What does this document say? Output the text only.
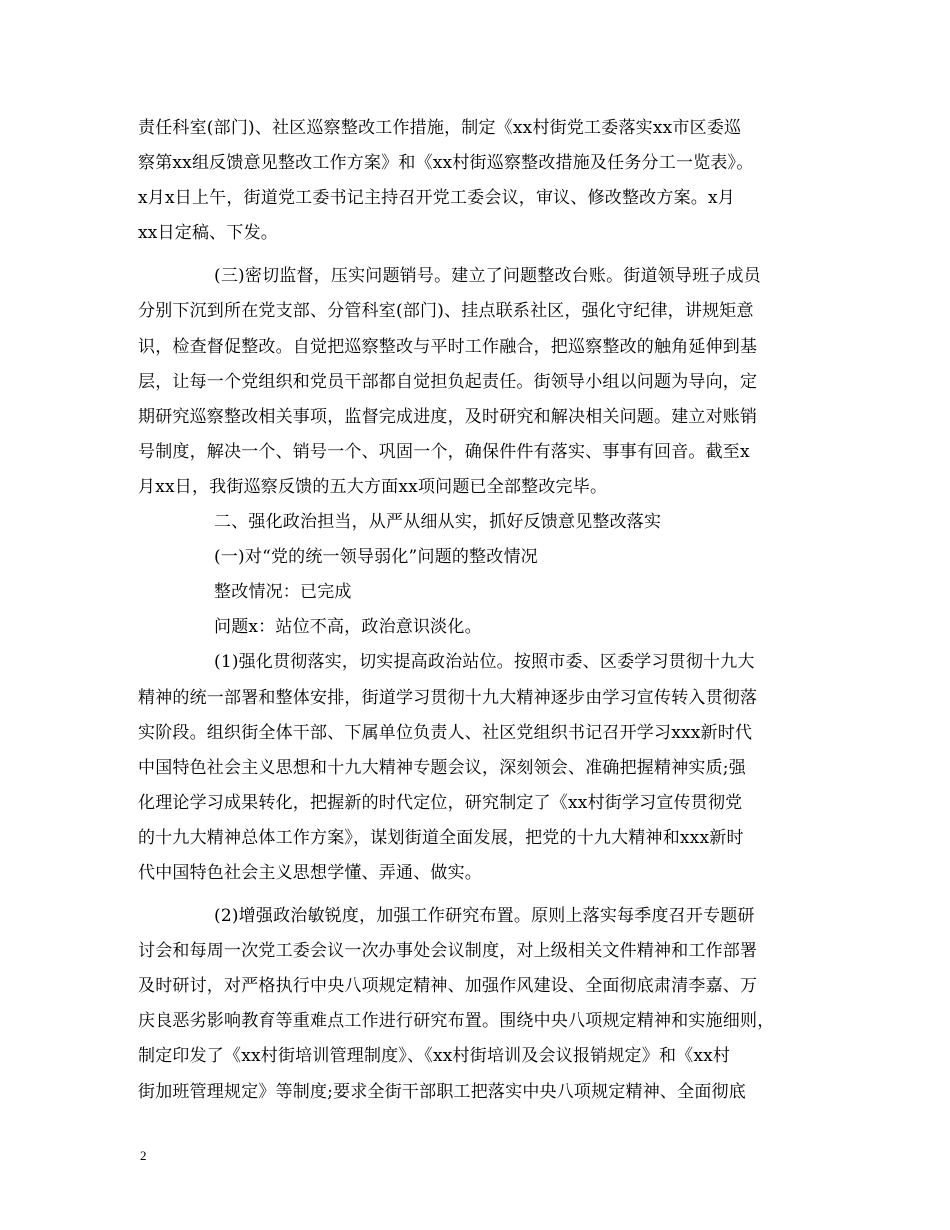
责任科室(部门)、社区巡察整改工作措施，制定《xx村街党工委落实xx市区委巡
察第xx组反馈意见整改工作方案》和《xx村街巡察整改措施及任务分工一览表》。
x月x日上午，街道党工委书记主持召开党工委会议，审议、修改整改方案。x月
xx日定稿、下发。
(三)密切监督，压实问题销号。建立了问题整改台账。街道领导班子成员
分别下沉到所在党支部、分管科室(部门)、挂点联系社区，强化守纪律，讲规矩意
识，检查督促整改。自觉把巡察整改与平时工作融合，把巡察整改的触角延伸到基
层，让每一个党组织和党员干部都自觉担负起责任。街领导小组以问题为导向，定
期研究巡察整改相关事项，监督完成进度，及时研究和解决相关问题。建立对账销
号制度，解决一个、销号一个、巩固一个，确保件件有落实、事事有回音。截至x
月xx日，我街巡察反馈的五大方面xx项问题已全部整改完毕。
二、强化政治担当，从严从细从实，抓好反馈意见整改落实
(一)对“党的统一领导弱化”问题的整改情况
整改情况：已完成
问题x：站位不高，政治意识淡化。
(1)强化贯彻落实，切实提高政治站位。按照市委、区委学习贯彻十九大
精神的统一部署和整体安排，街道学习贯彻十九大精神逐步由学习宣传转入贯彻落
实阶段。组织街全体干部、下属单位负责人、社区党组织书记召开学习xxx新时代
中国特色社会主义思想和十九大精神专题会议，深刻领会、准确把握精神实质;强
化理论学习成果转化，把握新的时代定位，研究制定了《xx村街学习宣传贯彻党
的十九大精神总体工作方案》，谋划街道全面发展，把党的十九大精神和xxx新时
代中国特色社会主义思想学懂、弄通、做实。
(2)增强政治敏锐度，加强工作研究布置。原则上落实每季度召开专题研
讨会和每周一次党工委会议一次办事处会议制度，对上级相关文件精神和工作部署
及时研讨，对严格执行中央八项规定精神、加强作风建设、全面彻底肃清李嘉、万
庆良恶劣影响教育等重难点工作进行研究布置。围绕中央八项规定精神和实施细则，
制定印发了《xx村街培训管理制度》、《xx村街培训及会议报销规定》和《xx村
街加班管理规定》等制度;要求全街干部职工把落实中央八项规定精神、全面彻底
2
